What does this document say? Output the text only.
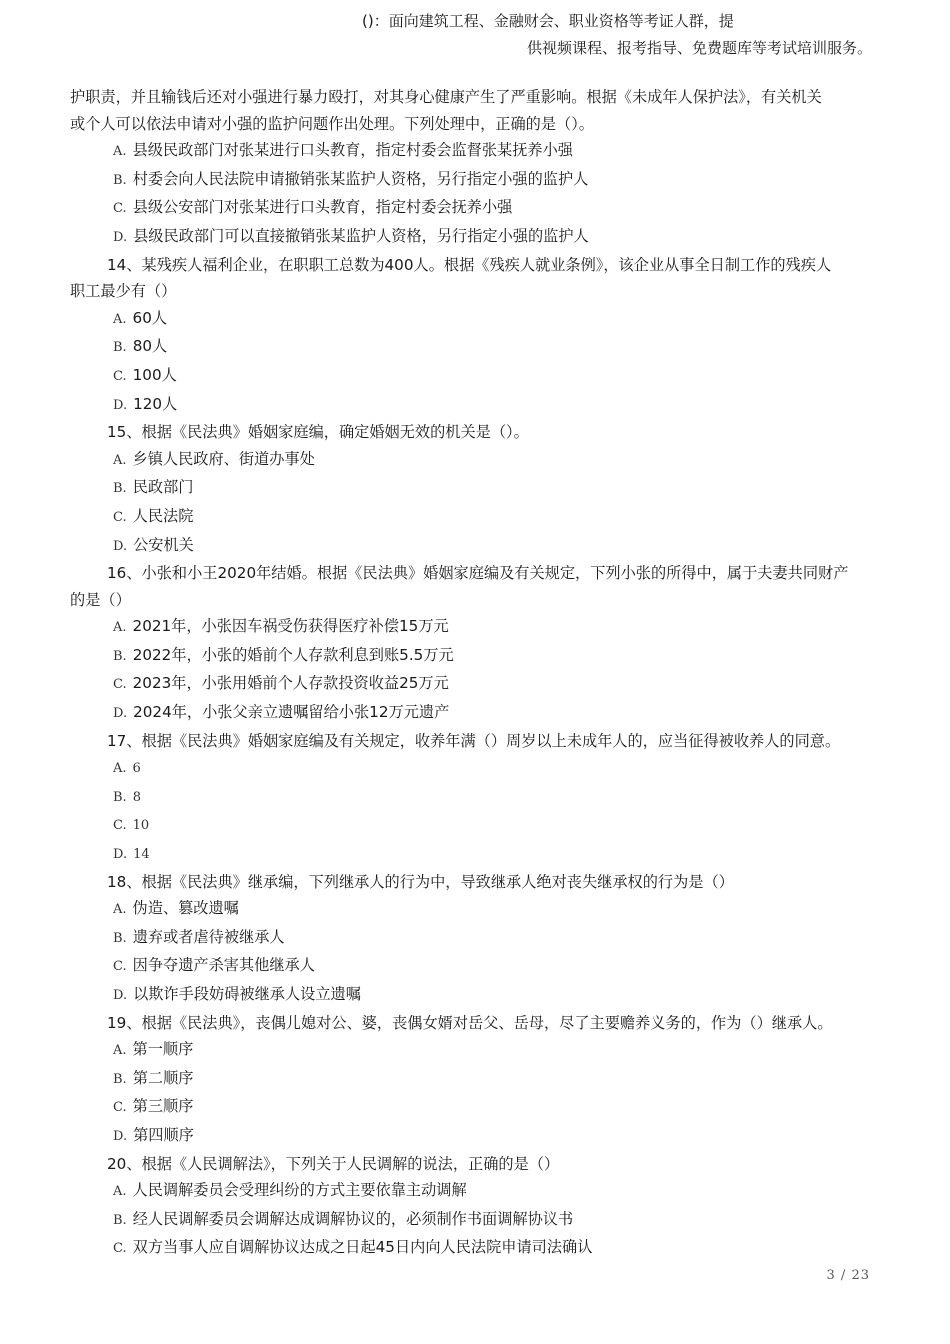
()：面向建筑工程、金融财会、职业资格等考证人群，提
供视频课程、报考指导、免费题库等考试培训服务。

护职责，并且输钱后还对小强进行暴力殴打，对其身心健康产生了严重影响。根据《未成年人保护法》，有关机关

或个人可以依法申请对小强的监护问题作出处理。下列处理中，正确的是（）。

A. 县级民政部门对张某进行口头教育，指定村委会监督张某抚养小强

B. 村委会向人民法院申请撤销张某监护人资格，另行指定小强的监护人

C. 县级公安部门对张某进行口头教育，指定村委会抚养小强

D. 县级民政部门可以直接撤销张某监护人资格，另行指定小强的监护人

14、某残疾人福利企业，在职职工总数为400人。根据《残疾人就业条例》，该企业从事全日制工作的残疾人

职工最少有（）

A. 60人

B. 80人

C. 100人

D. 120人

15、根据《民法典》婚姻家庭编，确定婚姻无效的机关是（）。

A. 乡镇人民政府、街道办事处

B. 民政部门

C. 人民法院

D. 公安机关

16、小张和小王2020年结婚。根据《民法典》婚姻家庭编及有关规定，下列小张的所得中，属于夫妻共同财产

的是（）

A. 2021年，小张因车祸受伤获得医疗补偿15万元

B. 2022年，小张的婚前个人存款利息到账5.5万元

C. 2023年，小张用婚前个人存款投资收益25万元

D. 2024年，小张父亲立遗嘱留给小张12万元遗产

17、根据《民法典》婚姻家庭编及有关规定，收养年满（）周岁以上未成年人的，应当征得被收养人的同意。

A. 6

B. 8

C. 10

D. 14

18、根据《民法典》继承编，下列继承人的行为中，导致继承人绝对丧失继承权的行为是（）

A. 伪造、篡改遗嘱

B. 遗弃或者虐待被继承人

C. 因争夺遗产杀害其他继承人

D. 以欺诈手段妨碍被继承人设立遗嘱

19、根据《民法典》，丧偶儿媳对公、婆，丧偶女婿对岳父、岳母，尽了主要赡养义务的，作为（）继承人。

A. 第一顺序

B. 第二顺序

C. 第三顺序

D. 第四顺序

20、根据《人民调解法》，下列关于人民调解的说法，正确的是（）

A. 人民调解委员会受理纠纷的方式主要依靠主动调解

B. 经人民调解委员会调解达成调解协议的，必须制作书面调解协议书

C. 双方当事人应自调解协议达成之日起45日内向人民法院申请司法确认

3 / 23
